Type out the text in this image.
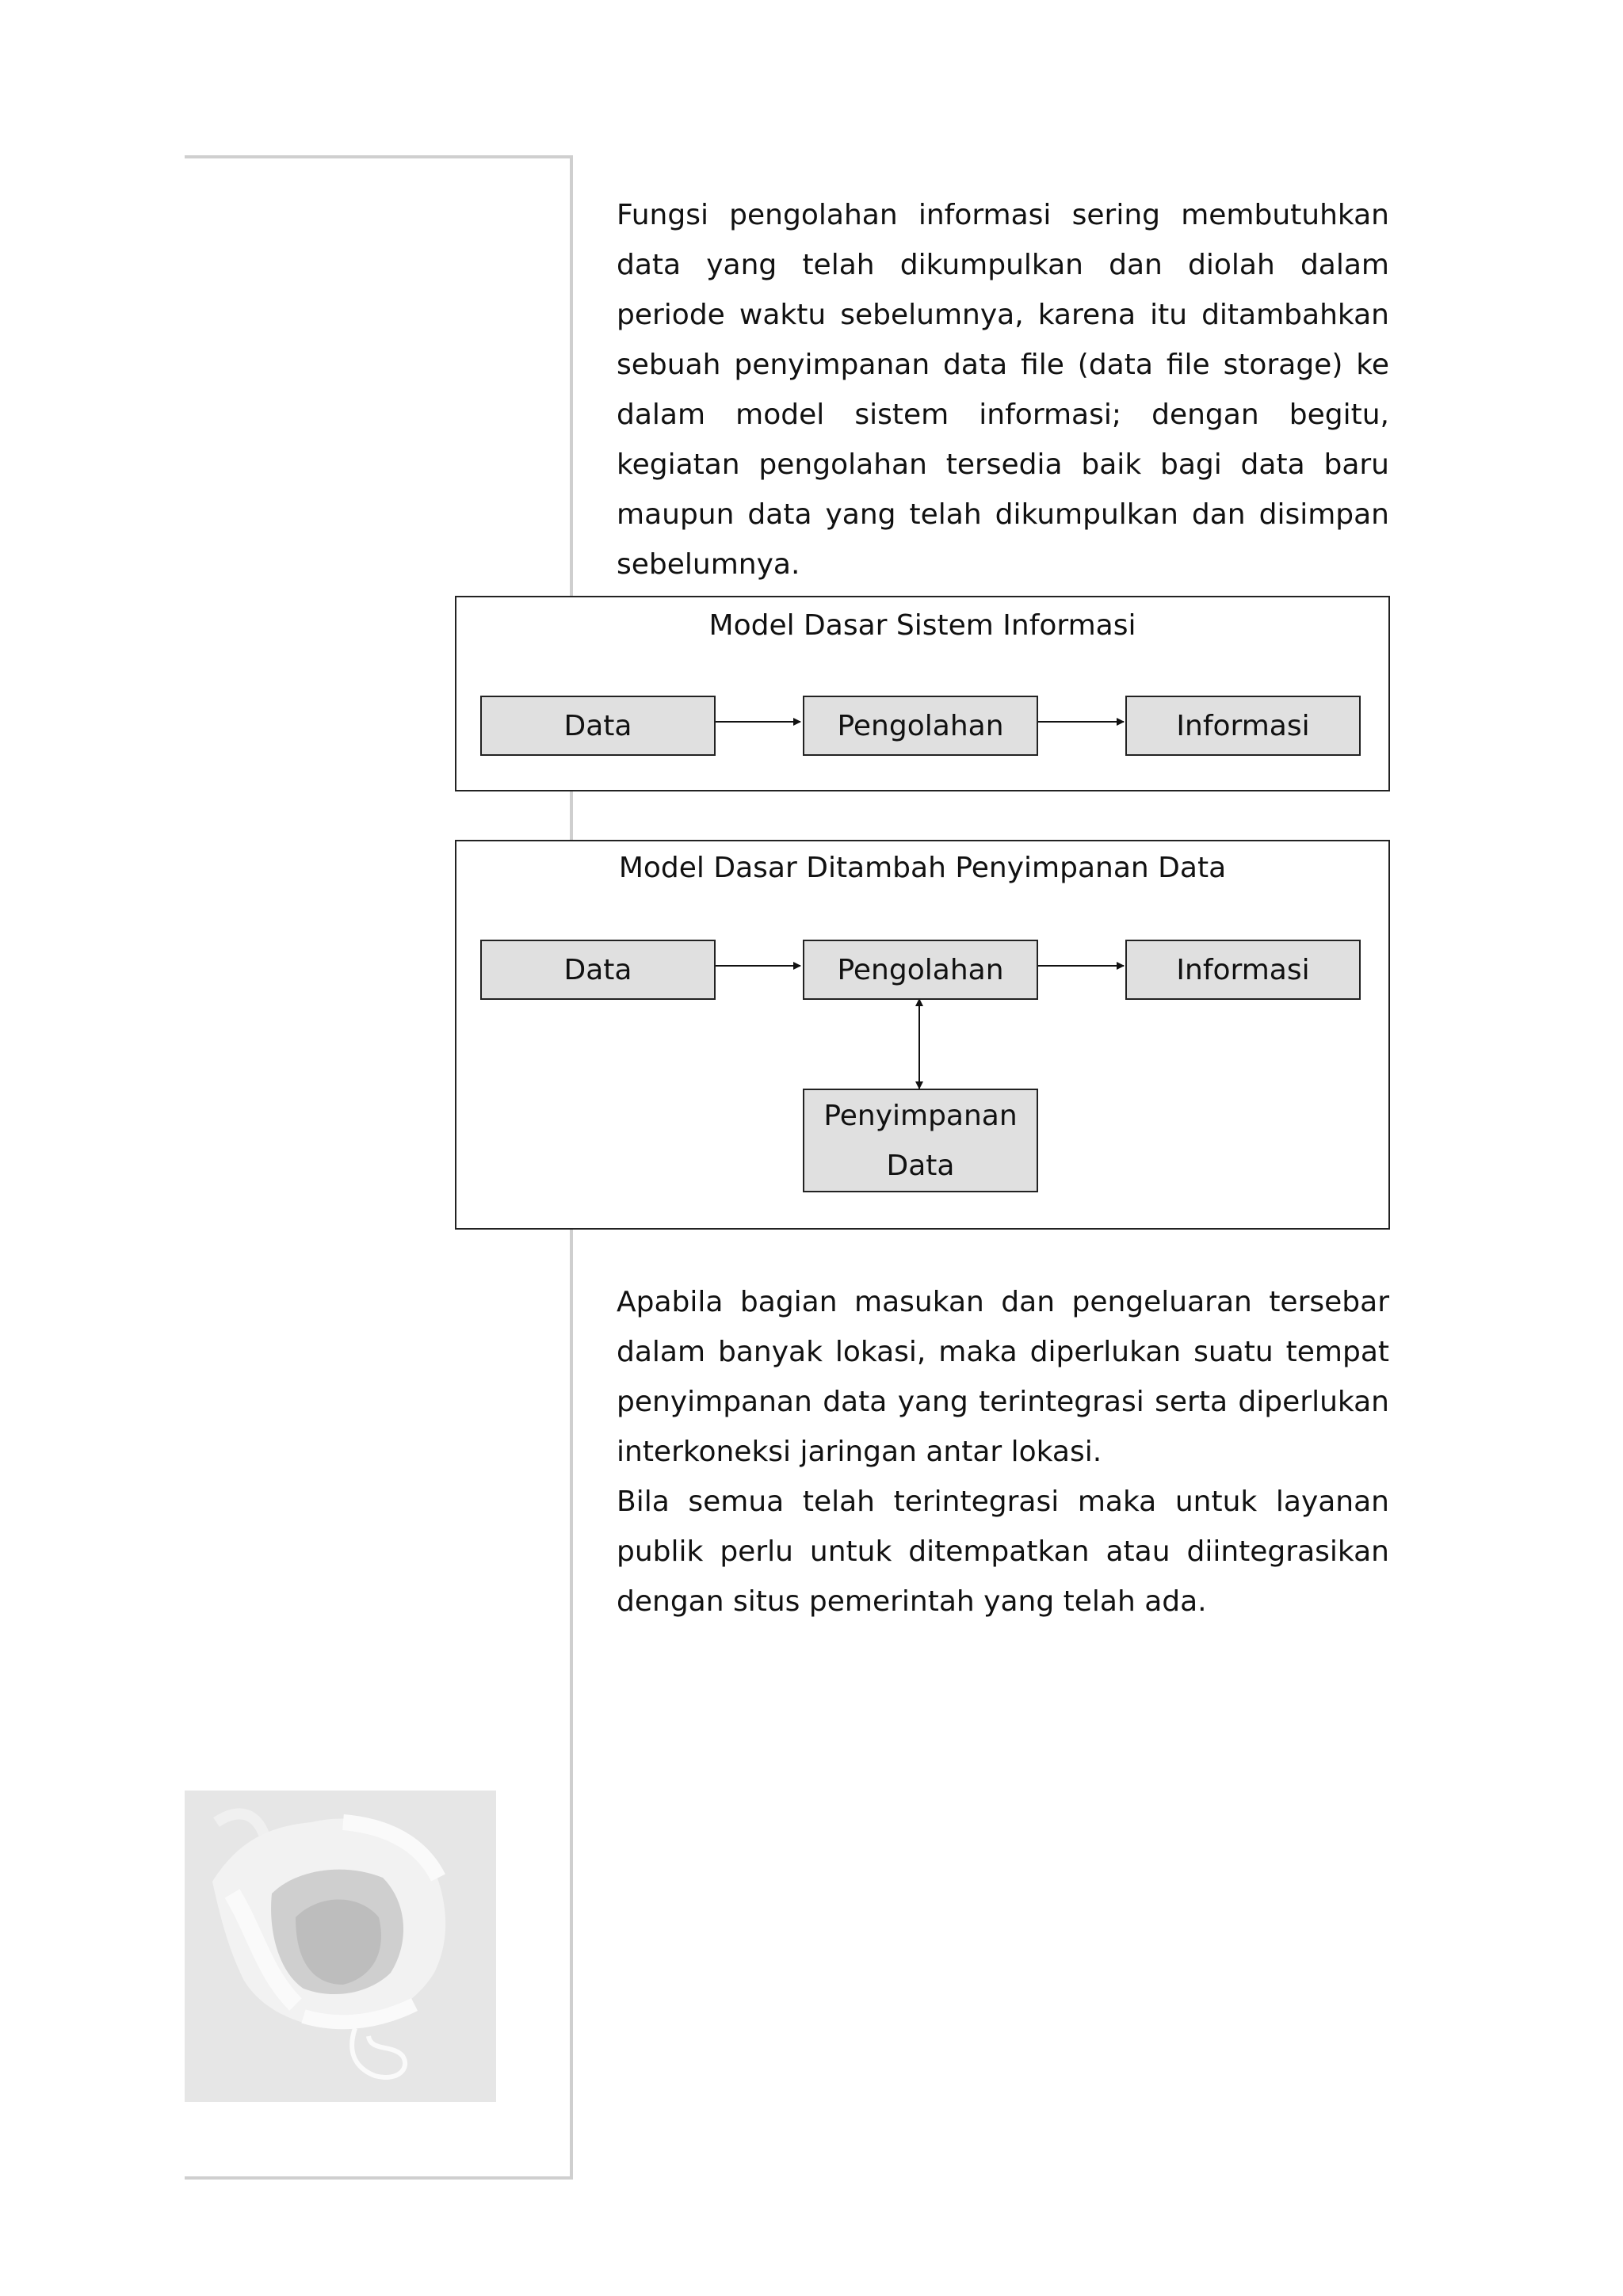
Fungsi pengolahan informasi sering membutuhkan data yang telah dikumpulkan dan diolah dalam periode waktu sebelumnya, karena itu ditambahkan sebuah penyimpanan data file (data file storage) ke dalam model sistem informasi; dengan begitu, kegiatan pengolahan tersedia baik bagi data baru maupun data yang telah dikumpulkan dan disimpan sebelumnya.

Model Dasar Sistem Informasi
Data	Pengolahan	Informasi
Model Dasar Ditambah Penyimpanan Data
Data	Pengolahan	Informasi
Penyimpanan Data

Apabila bagian masukan dan pengeluaran tersebar dalam banyak lokasi, maka diperlukan suatu tempat penyimpanan data yang terintegrasi serta diperlukan interkoneksi jaringan antar lokasi.

Bila semua telah terintegrasi maka untuk layanan publik perlu untuk ditempatkan atau diintegrasikan dengan situs pemerintah yang telah ada.
